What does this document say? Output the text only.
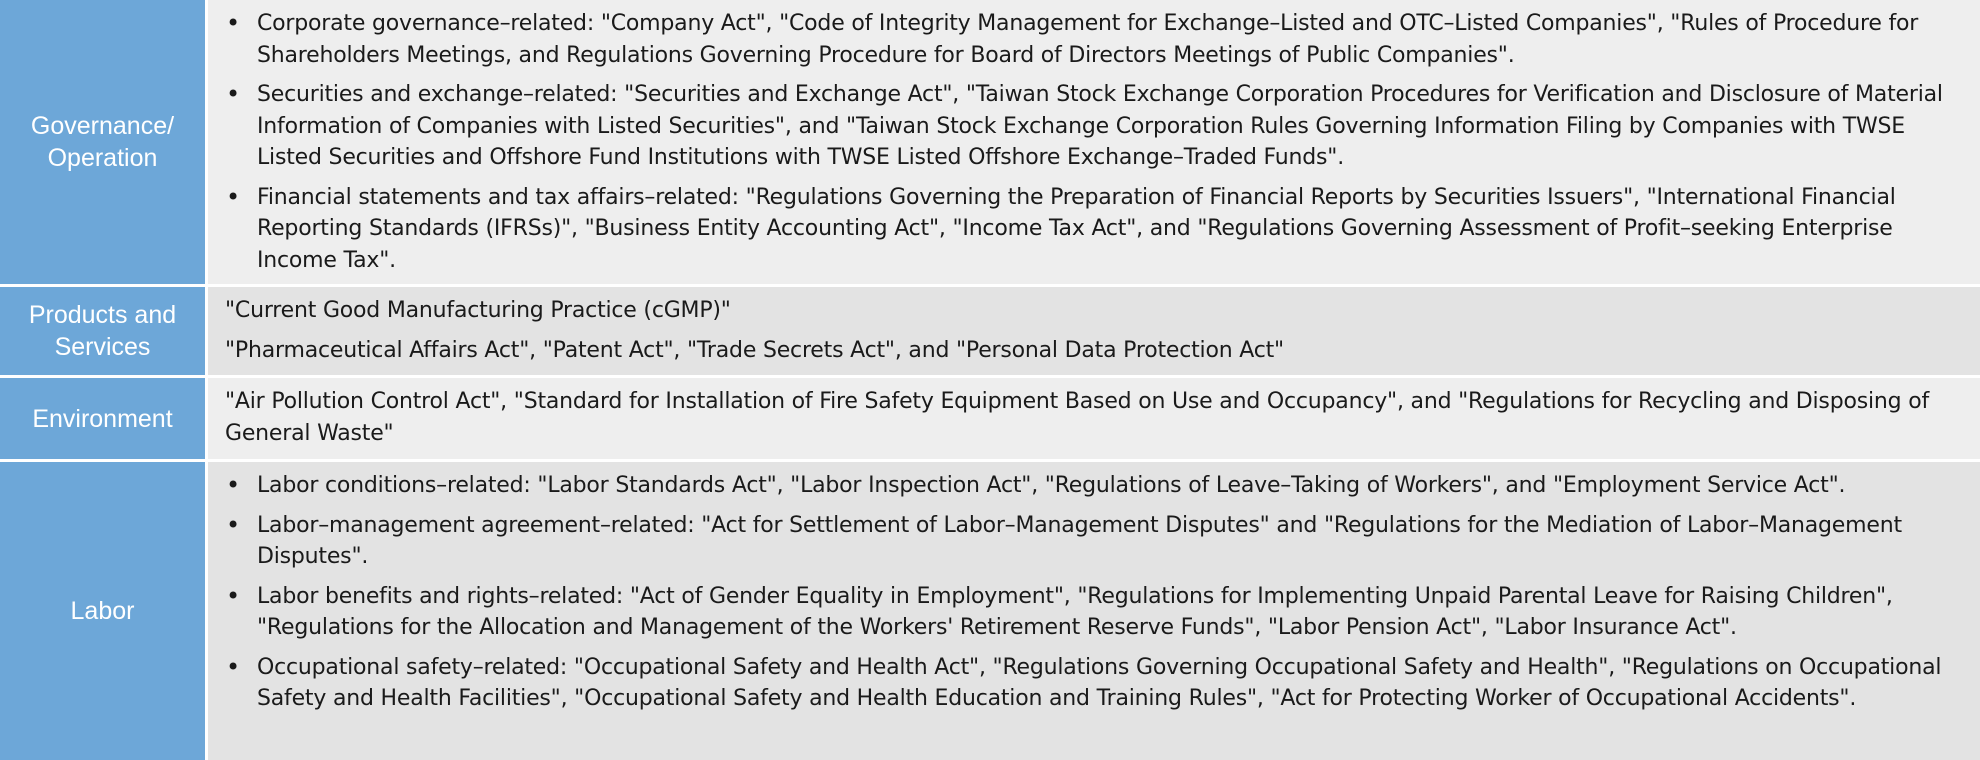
Governance/ Operation
• Corporate governance–related: "Company Act", "Code of Integrity Management for Exchange–Listed and OTC–Listed Companies", "Rules of Procedure for Shareholders Meetings, and Regulations Governing Procedure for Board of Directors Meetings of Public Companies".
• Securities and exchange–related: "Securities and Exchange Act", "Taiwan Stock Exchange Corporation Procedures for Verification and Disclosure of Material Information of Companies with Listed Securities", and "Taiwan Stock Exchange Corporation Rules Governing Information Filing by Companies with TWSE Listed Securities and Offshore Fund Institutions with TWSE Listed Offshore Exchange–Traded Funds".
• Financial statements and tax affairs–related: "Regulations Governing the Preparation of Financial Reports by Securities Issuers", "International Financial Reporting Standards (IFRSs)", "Business Entity Accounting Act", "Income Tax Act", and "Regulations Governing Assessment of Profit–seeking Enterprise Income Tax".
Products and Services
"Current Good Manufacturing Practice (cGMP)"
"Pharmaceutical Affairs Act", "Patent Act", "Trade Secrets Act", and "Personal Data Protection Act"
Environment
"Air Pollution Control Act", "Standard for Installation of Fire Safety Equipment Based on Use and Occupancy", and "Regulations for Recycling and Disposing of General Waste"
Labor
• Labor conditions–related: "Labor Standards Act", "Labor Inspection Act", "Regulations of Leave–Taking of Workers", and "Employment Service Act".
• Labor–management agreement–related: "Act for Settlement of Labor–Management Disputes" and "Regulations for the Mediation of Labor–Management Disputes".
• Labor benefits and rights–related: "Act of Gender Equality in Employment", "Regulations for Implementing Unpaid Parental Leave for Raising Children", "Regulations for the Allocation and Management of the Workers' Retirement Reserve Funds", "Labor Pension Act", "Labor Insurance Act".
• Occupational safety–related: "Occupational Safety and Health Act", "Regulations Governing Occupational Safety and Health", "Regulations on Occupational Safety and Health Facilities", "Occupational Safety and Health Education and Training Rules", "Act for Protecting Worker of Occupational Accidents".
